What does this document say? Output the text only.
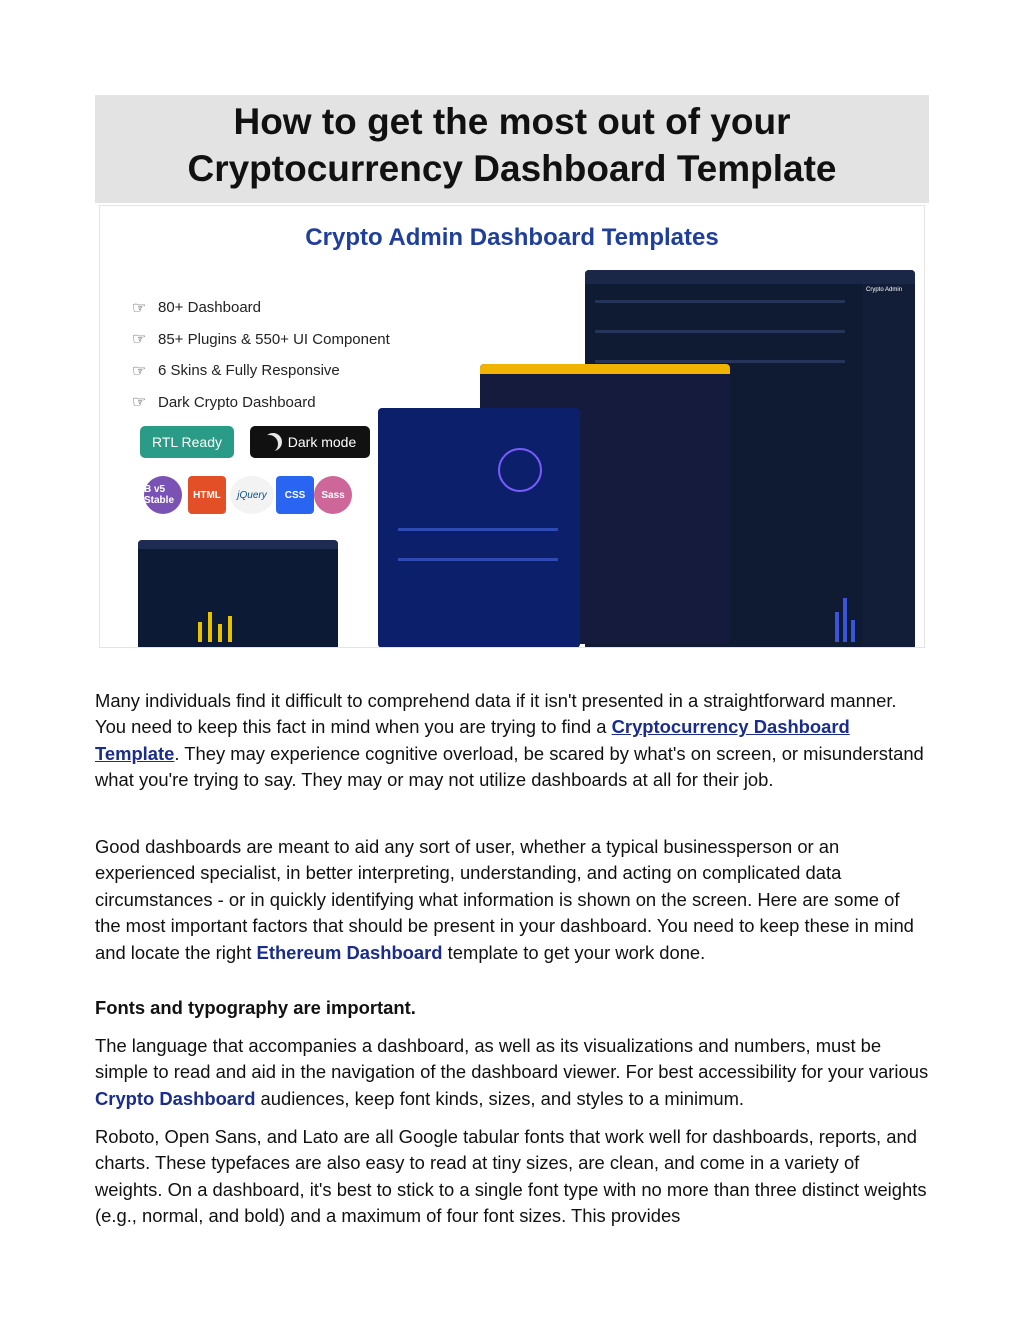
How to get the most out of your Cryptocurrency Dashboard Template
Crypto Admin Dashboard Templates
☞ 80+ Dashboard
☞ 85+ Plugins & 550+ UI Component
☞ 6 Skins & Fully Responsive
☞ Dark Crypto Dashboard
RTL Ready	Dark mode
B v5 Stable	HTML	jQuery	CSS	Sass
Crypto Admin
Many individuals find it difficult to comprehend data if it isn't presented in a straightforward manner. You need to keep this fact in mind when you are trying to find a Cryptocurrency Dashboard Template. They may experience cognitive overload, be scared by what's on screen, or misunderstand what you're trying to say. They may or may not utilize dashboards at all for their job.
Good dashboards are meant to aid any sort of user, whether a typical businessperson or an experienced specialist, in better interpreting, understanding, and acting on complicated data circumstances - or in quickly identifying what information is shown on the screen. Here are some of the most important factors that should be present in your dashboard. You need to keep these in mind and locate the right Ethereum Dashboard template to get your work done.
Fonts and typography are important.
The language that accompanies a dashboard, as well as its visualizations and numbers, must be simple to read and aid in the navigation of the dashboard viewer. For best accessibility for your various Crypto Dashboard audiences, keep font kinds, sizes, and styles to a minimum.
Roboto, Open Sans, and Lato are all Google tabular fonts that work well for dashboards, reports, and charts. These typefaces are also easy to read at tiny sizes, are clean, and come in a variety of weights. On a dashboard, it's best to stick to a single font type with no more than three distinct weights (e.g., normal, and bold) and a maximum of four font sizes. This provides
